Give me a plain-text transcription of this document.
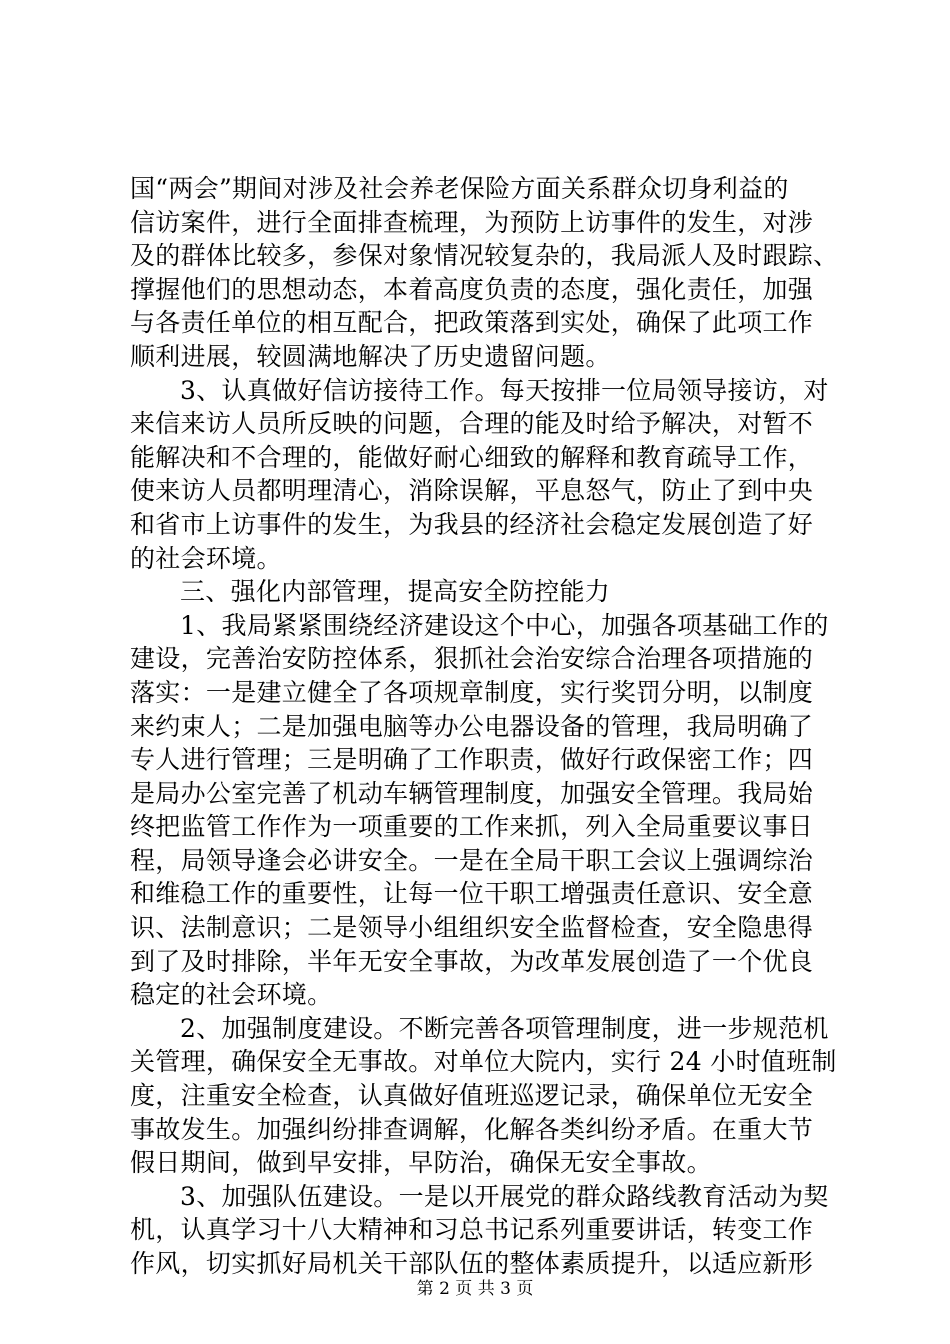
国“两会”期间对涉及社会养老保险方面关系群众切身利益的
信访案件，进行全面排查梳理，为预防上访事件的发生，对涉
及的群体比较多，参保对象情况较复杂的，我局派人及时跟踪、
撑握他们的思想动态，本着高度负责的态度，强化责任，加强
与各责任单位的相互配合，把政策落到实处，确保了此项工作
顺利进展，较圆满地解决了历史遗留问题。
3、认真做好信访接待工作。每天按排一位局领导接访，对
来信来访人员所反映的问题，合理的能及时给予解决，对暂不
能解决和不合理的，能做好耐心细致的解释和教育疏导工作，
使来访人员都明理清心，消除误解，平息怒气，防止了到中央
和省市上访事件的发生，为我县的经济社会稳定发展创造了好
的社会环境。
三、强化内部管理，提高安全防控能力
1、我局紧紧围绕经济建设这个中心，加强各项基础工作的
建设，完善治安防控体系，狠抓社会治安综合治理各项措施的
落实：一是建立健全了各项规章制度，实行奖罚分明，以制度
来约束人；二是加强电脑等办公电器设备的管理，我局明确了
专人进行管理；三是明确了工作职责，做好行政保密工作；四
是局办公室完善了机动车辆管理制度，加强安全管理。我局始
终把监管工作作为一项重要的工作来抓，列入全局重要议事日
程，局领导逢会必讲安全。一是在全局干职工会议上强调综治
和维稳工作的重要性，让每一位干职工增强责任意识、安全意
识、法制意识；二是领导小组组织安全监督检查，安全隐患得
到了及时排除，半年无安全事故，为改革发展创造了一个优良
稳定的社会环境。
2、加强制度建设。不断完善各项管理制度，进一步规范机
关管理，确保安全无事故。对单位大院内，实行 24 小时值班制
度，注重安全检查，认真做好值班巡逻记录，确保单位无安全
事故发生。加强纠纷排查调解，化解各类纠纷矛盾。在重大节
假日期间，做到早安排，早防治，确保无安全事故。
3、加强队伍建设。一是以开展党的群众路线教育活动为契
机，认真学习十八大精神和习总书记系列重要讲话，转变工作
作风，切实抓好局机关干部队伍的整体素质提升，以适应新形
第 2 页 共 3 页
